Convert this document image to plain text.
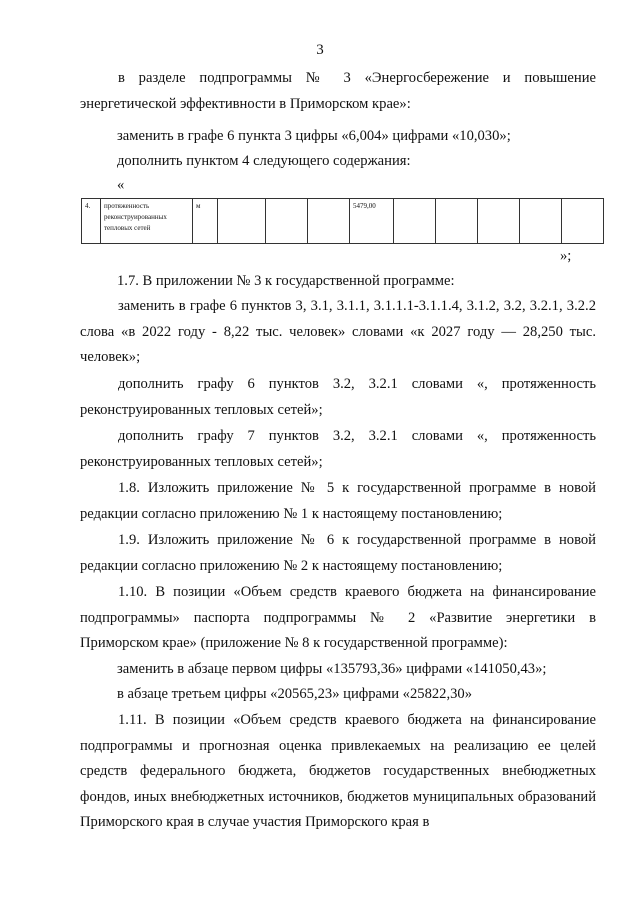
3
в разделе подпрограммы № 3 «Энергосбережение и повышение энергетической эффективности в Приморском крае»:
заменить в графе 6 пункта 3 цифры «6,004» цифрами «10,030»;
дополнить пунктом 4 следующего содержания:
«
4.	протяженность реконструированных тепловых сетей	м				5479,00					
»;
1.7. В приложении № 3 к государственной программе:
заменить в графе 6 пунктов 3, 3.1, 3.1.1, 3.1.1.1-3.1.1.4, 3.1.2, 3.2, 3.2.1, 3.2.2 слова «в 2022 году - 8,22 тыс. человек» словами «к 2027 году — 28,250 тыс. человек»;
дополнить графу 6 пунктов 3.2, 3.2.1 словами «, протяженность реконструированных тепловых сетей»;
дополнить графу 7 пунктов 3.2, 3.2.1 словами «, протяженность реконструированных тепловых сетей»;
1.8. Изложить приложение № 5 к государственной программе в новой редакции согласно приложению № 1 к настоящему постановлению;
1.9. Изложить приложение № 6 к государственной программе в новой редакции согласно приложению № 2 к настоящему постановлению;
1.10. В позиции «Объем средств краевого бюджета на финансирование подпрограммы» паспорта подпрограммы № 2 «Развитие энергетики в Приморском крае» (приложение № 8 к государственной программе):
заменить в абзаце первом цифры «135793,36» цифрами «141050,43»;
в абзаце третьем цифры «20565,23» цифрами «25822,30»
1.11. В позиции «Объем средств краевого бюджета на финансирование подпрограммы и прогнозная оценка привлекаемых на реализацию ее целей средств федерального бюджета, бюджетов государственных внебюджетных фондов, иных внебюджетных источников, бюджетов муниципальных образований Приморского края в случае участия Приморского края в
